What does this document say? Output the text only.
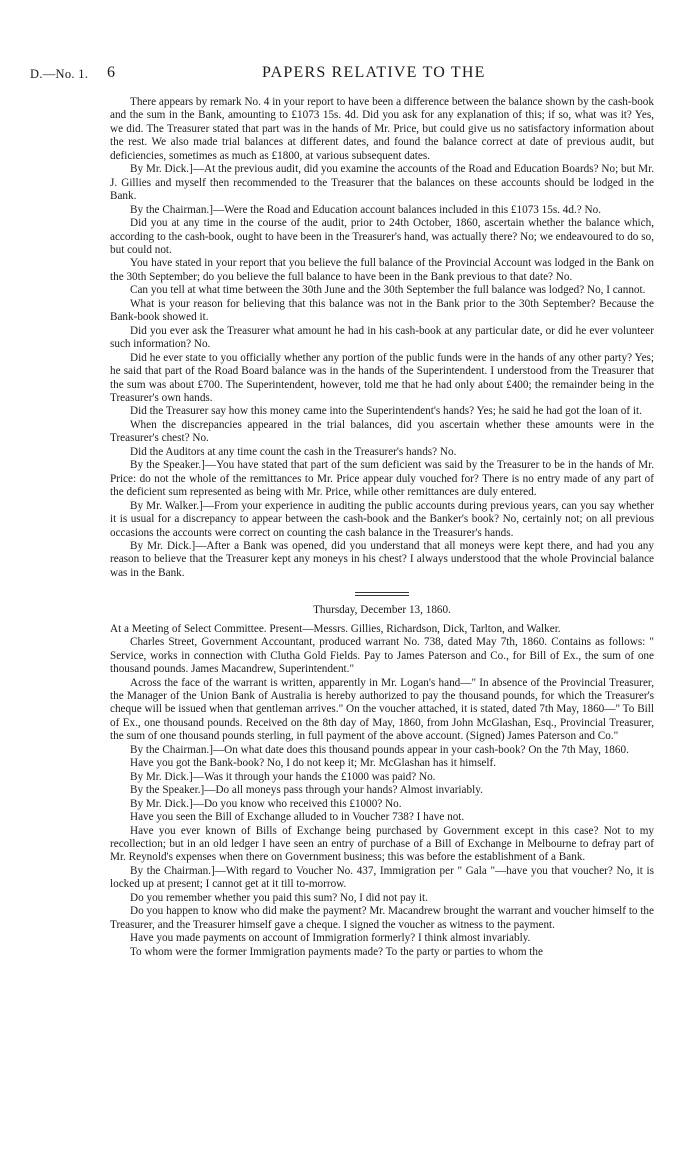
D.—No. 1. 6	PAPERS RELATIVE TO THE

There appears by remark No. 4 in your report to have been a difference between the balance shown by the cash-book and the sum in the Bank, amounting to £1073 15s. 4d. Did you ask for any explanation of this; if so, what was it? Yes, we did. The Treasurer stated that part was in the hands of Mr. Price, but could give us no satisfactory information about the rest. We also made trial balances at different dates, and found the balance correct at date of previous audit, but deficiencies, sometimes as much as £1800, at various subsequent dates.

By Mr. Dick.]—At the previous audit, did you examine the accounts of the Road and Education Boards? No; but Mr. J. Gillies and myself then recommended to the Treasurer that the balances on these accounts should be lodged in the Bank.

By the Chairman.]—Were the Road and Education account balances included in this £1073 15s. 4d.? No.

Did you at any time in the course of the audit, prior to 24th October, 1860, ascertain whether the balance which, according to the cash-book, ought to have been in the Treasurer's hand, was actually there? No; we endeavoured to do so, but could not.

You have stated in your report that you believe the full balance of the Provincial Account was lodged in the Bank on the 30th September; do you believe the full balance to have been in the Bank previous to that date? No.

Can you tell at what time between the 30th June and the 30th September the full balance was lodged? No, I cannot.

What is your reason for believing that this balance was not in the Bank prior to the 30th September? Because the Bank-book showed it.

Did you ever ask the Treasurer what amount he had in his cash-book at any particular date, or did he ever volunteer such information? No.

Did he ever state to you officially whether any portion of the public funds were in the hands of any other party? Yes; he said that part of the Road Board balance was in the hands of the Superintendent. I understood from the Treasurer that the sum was about £700. The Superintendent, however, told me that he had only about £400; the remainder being in the Treasurer's own hands.

Did the Treasurer say how this money came into the Superintendent's hands? Yes; he said he had got the loan of it.

When the discrepancies appeared in the trial balances, did you ascertain whether these amounts were in the Treasurer's chest? No.

Did the Auditors at any time count the cash in the Treasurer's hands? No.

By the Speaker.]—You have stated that part of the sum deficient was said by the Treasurer to be in the hands of Mr. Price: do not the whole of the remittances to Mr. Price appear duly vouched for? There is no entry made of any part of the deficient sum represented as being with Mr. Price, while other remittances are duly entered.

By Mr. Walker.]—From your experience in auditing the public accounts during previous years, can you say whether it is usual for a discrepancy to appear between the cash-book and the Banker's book? No, certainly not; on all previous occasions the accounts were correct on counting the cash balance in the Treasurer's hands.

By Mr. Dick.]—After a Bank was opened, did you understand that all moneys were kept there, and had you any reason to believe that the Treasurer kept any moneys in his chest? I always understood that the whole Provincial balance was in the Bank.

Thursday, December 13, 1860.

At a Meeting of Select Committee. Present—Messrs. Gillies, Richardson, Dick, Tarlton, and Walker.

Charles Street, Government Accountant, produced warrant No. 738, dated May 7th, 1860. Contains as follows: " Service, works in connection with Clutha Gold Fields. Pay to James Paterson and Co., for Bill of Ex., the sum of one thousand pounds. James Macandrew, Superintendent."

Across the face of the warrant is written, apparently in Mr. Logan's hand—" In absence of the Provincial Treasurer, the Manager of the Union Bank of Australia is hereby authorized to pay the thousand pounds, for which the Treasurer's cheque will be issued when that gentleman arrives." On the voucher attached, it is stated, dated 7th May, 1860—" To Bill of Ex., one thousand pounds. Received on the 8th day of May, 1860, from John McGlashan, Esq., Provincial Treasurer, the sum of one thousand pounds sterling, in full payment of the above account. (Signed) James Paterson and Co."

By the Chairman.]—On what date does this thousand pounds appear in your cash-book? On the 7th May, 1860.

Have you got the Bank-book? No, I do not keep it; Mr. McGlashan has it himself.

By Mr. Dick.]—Was it through your hands the £1000 was paid? No.

By the Speaker.]—Do all moneys pass through your hands? Almost invariably.

By Mr. Dick.]—Do you know who received this £1000? No.

Have you seen the Bill of Exchange alluded to in Voucher 738? I have not.

Have you ever known of Bills of Exchange being purchased by Government except in this case? Not to my recollection; but in an old ledger I have seen an entry of purchase of a Bill of Exchange in Melbourne to defray part of Mr. Reynold's expenses when there on Government business; this was before the establishment of a Bank.

By the Chairman.]—With regard to Voucher No. 437, Immigration per " Gala "—have you that voucher? No, it is locked up at present; I cannot get at it till to-morrow.

Do you remember whether you paid this sum? No, I did not pay it.

Do you happen to know who did make the payment? Mr. Macandrew brought the warrant and voucher himself to the Treasurer, and the Treasurer himself gave a cheque. I signed the voucher as witness to the payment.

Have you made payments on account of Immigration formerly? I think almost invariably.

To whom were the former Immigration payments made? To the party or parties to whom the
